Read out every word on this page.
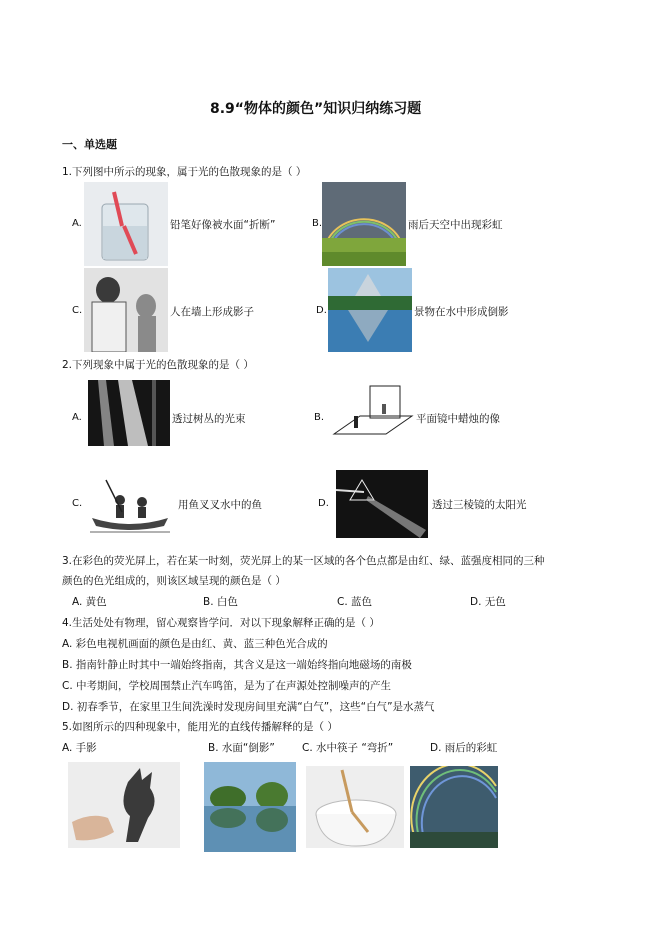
8.9“物体的颜色”知识归纳练习题
一、单选题
1.下列图中所示的现象，属于光的色散现象的是（ ）
A.	铅笔好像被水面“折断”	B.	雨后天空中出现彩虹
C.	人在墙上形成影子	D.	景物在水中形成倒影
2.下列现象中属于光的色散现象的是（ ）
A.	透过树丛的光束	B.	平面镜中蜡烛的像
C.	用鱼叉叉水中的鱼	D.	透过三棱镜的太阳光
3.在彩色的荧光屏上，若在某一时刻，荧光屏上的某一区域的各个色点都是由红、绿、蓝强度相同的三种
颜色的色光组成的，则该区域呈现的颜色是（ ）
A. 黄色	B. 白色	C. 蓝色	D. 无色
4.生活处处有物理，留心观察皆学问．对以下现象解释正确的是（ ）
A. 彩色电视机画面的颜色是由红、黄、蓝三种色光合成的
B. 指南针静止时其中一端始终指南，其含义是这一端始终指向地磁场的南极
C. 中考期间，学校周围禁止汽车鸣笛，是为了在声源处控制噪声的产生
D. 初春季节，在家里卫生间洗澡时发现房间里充满“白气”，这些“白气”是水蒸气
5.如图所示的四种现象中，能用光的直线传播解释的是（ ）
A. 手影	B. 水面“倒影”	C. 水中筷子 “弯折”	D. 雨后的彩虹
